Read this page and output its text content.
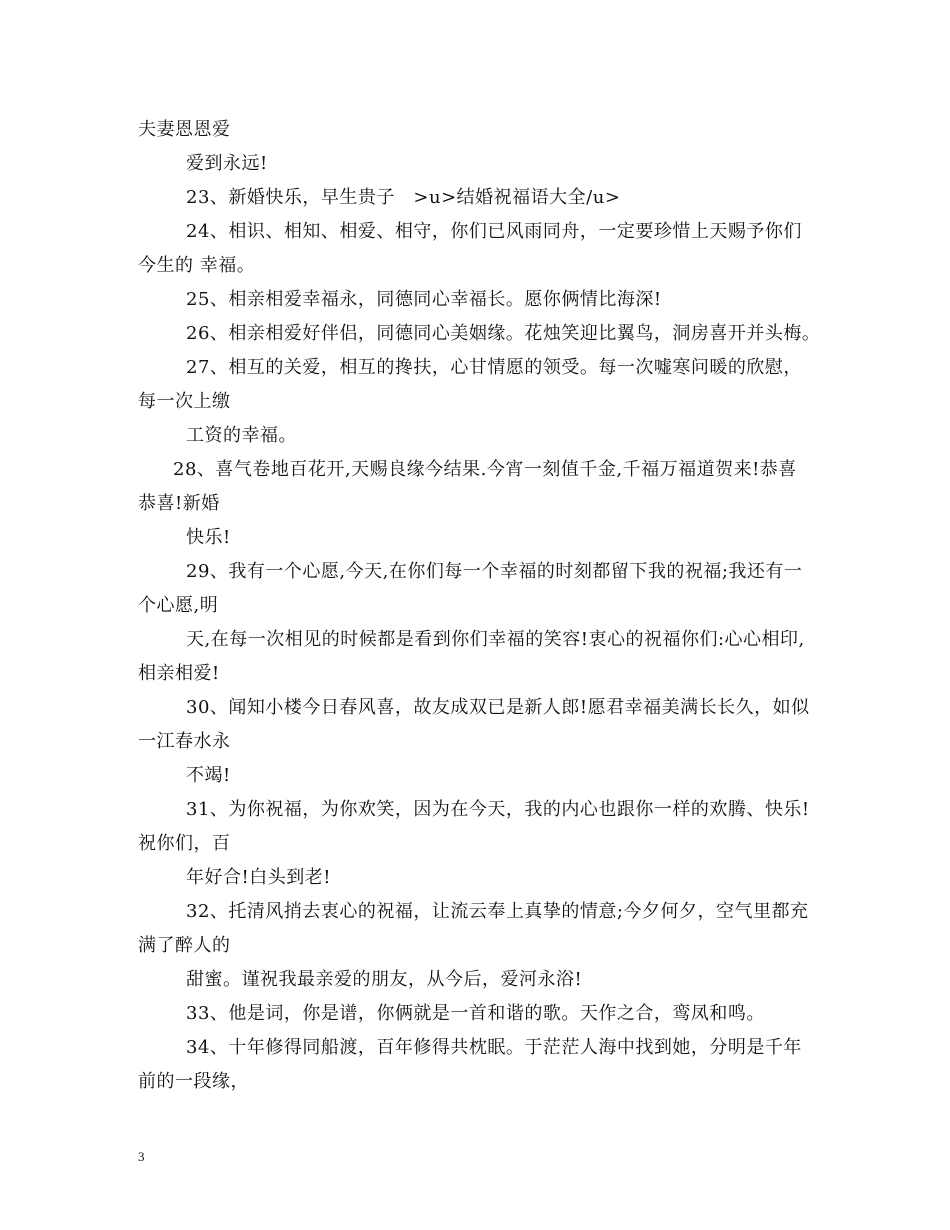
夫妻恩恩爱
爱到永远!
23、新婚快乐，早生贵子　>u>结婚祝福语大全/u>
24、相识、相知、相爱、相守，你们已风雨同舟，一定要珍惜上天赐予你们
今生的 幸福。
25、相亲相爱幸福永，同德同心幸福长。愿你俩情比海深!
26、相亲相爱好伴侣，同德同心美姻缘。花烛笑迎比翼鸟，洞房喜开并头梅。
27、相互的关爱，相互的搀扶，心甘情愿的领受。每一次嘘寒问暖的欣慰，
每一次上缴
工资的幸福。
28、喜气卷地百花开,天赐良缘今结果.今宵一刻值千金,千福万福道贺来!恭喜
恭喜!新婚
快乐!
29、我有一个心愿,今天,在你们每一个幸福的时刻都留下我的祝福;我还有一
个心愿,明
天,在每一次相见的时候都是看到你们幸福的笑容!衷心的祝福你们:心心相印,
相亲相爱!
30、闻知小楼今日春风喜，故友成双已是新人郎!愿君幸福美满长长久，如似
一江春水永
不竭!
31、为你祝福，为你欢笑，因为在今天，我的内心也跟你一样的欢腾、快乐!
祝你们，百
年好合!白头到老!
32、托清风捎去衷心的祝福，让流云奉上真挚的情意;今夕何夕，空气里都充
满了醉人的
甜蜜。谨祝我最亲爱的朋友，从今后，爱河永浴!
33、他是词，你是谱，你俩就是一首和谐的歌。天作之合，鸾凤和鸣。
34、十年修得同船渡，百年修得共枕眠。于茫茫人海中找到她，分明是千年
前的一段缘，
3
